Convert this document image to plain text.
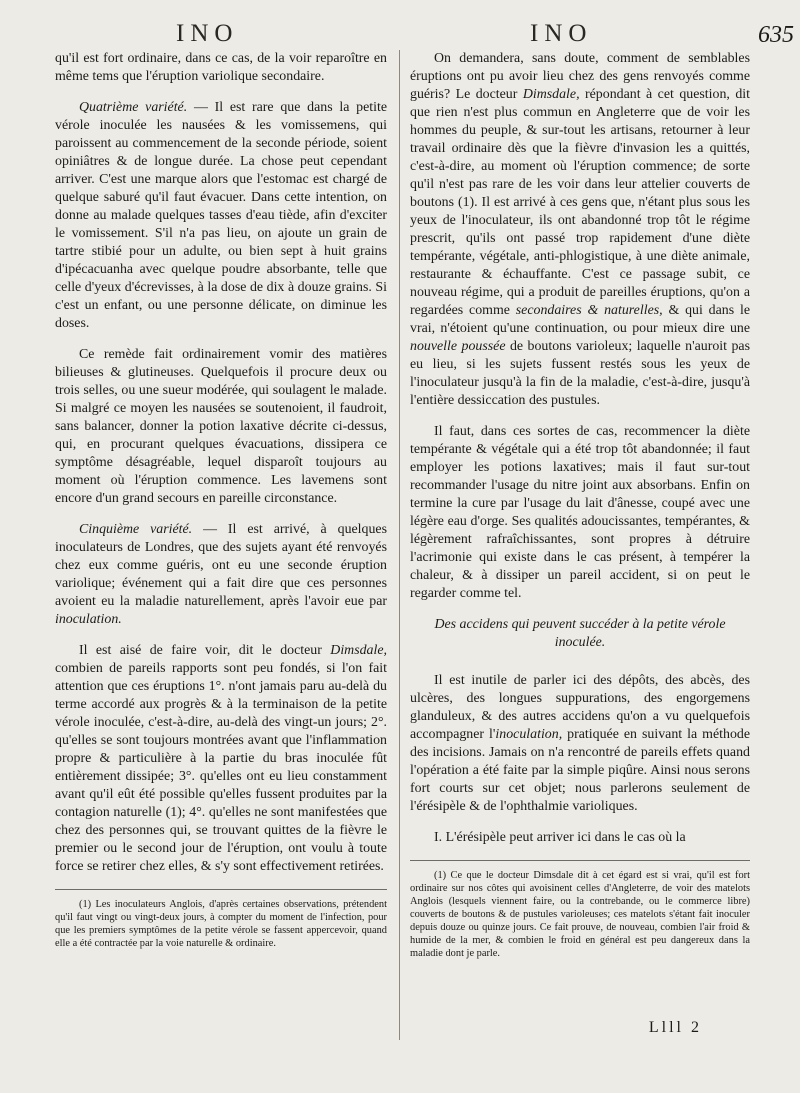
INO	INO	635

qu'il est fort ordinaire, dans ce cas, de la voir reparoître en même tems que l'éruption variolique secondaire.

Quatrième variété. — Il est rare que dans la petite vérole inoculée les nausées & les vomissemens, qui paroissent au commencement de la seconde période, soient opiniâtres & de longue durée. La chose peut cependant arriver. C'est une marque alors que l'estomac est chargé de quelque saburé qu'il faut évacuer. Dans cette intention, on donne au malade quelques tasses d'eau tiède, afin d'exciter le vomissement. S'il n'a pas lieu, on ajoute un grain de tartre stibié pour un adulte, ou bien sept à huit grains d'ipécacuanha avec quelque poudre absorbante, telle que celle d'yeux d'écrevisses, à la dose de dix à douze grains. Si c'est un enfant, ou une personne délicate, on diminue les doses.

Ce remède fait ordinairement vomir des matières bilieuses & glutineuses. Quelquefois il procure deux ou trois selles, ou une sueur modérée, qui soulagent le malade. Si malgré ce moyen les nausées se soutenoient, il faudroit, sans balancer, donner la potion laxative décrite ci-dessus, qui, en procurant quelques évacuations, dissipera ce symptôme désagréable, lequel disparoît toujours au moment où l'éruption commence. Les lavemens sont encore d'un grand secours en pareille circonstance.

Cinquième variété. — Il est arrivé, à quelques inoculateurs de Londres, que des sujets ayant été renvoyés chez eux comme guéris, ont eu une seconde éruption variolique; événement qui a fait dire que ces personnes avoient eu la maladie naturellement, après l'avoir eue par inoculation.

Il est aisé de faire voir, dit le docteur Dimsdale, combien de pareils rapports sont peu fondés, si l'on fait attention que ces éruptions 1°. n'ont jamais paru au-delà du terme accordé aux progrès & à la terminaison de la petite vérole inoculée, c'est-à-dire, au-delà des vingt-un jours; 2°. qu'elles se sont toujours montrées avant que l'inflammation propre & particulière à la partie du bras inoculée fût entièrement dissipée; 3°. qu'elles ont eu lieu constamment avant qu'il eût été possible qu'elles fussent produites par la contagion naturelle (1); 4°. qu'elles ne sont manifestées que chez des personnes qui, se trouvant quittes de la fièvre le premier ou le second jour de l'éruption, ont voulu à toute force se retirer chez elles, & s'y sont effectivement retirées.

(1) Les inoculateurs Anglois, d'après certaines observations, prétendent qu'il faut vingt ou vingt-deux jours, à compter du moment de l'infection, pour que les premiers symptômes de la petite vérole se fassent appercevoir, quand elle a été contractée par la voie naturelle & ordinaire.

On demandera, sans doute, comment de semblables éruptions ont pu avoir lieu chez des gens renvoyés comme guéris? Le docteur Dimsdale, répondant à cet question, dit que rien n'est plus commun en Angleterre que de voir les hommes du peuple, & sur-tout les artisans, retourner à leur travail ordinaire dès que la fièvre d'invasion les a quittés, c'est-à-dire, au moment où l'éruption commence; de sorte qu'il n'est pas rare de les voir dans leur attelier couverts de boutons (1). Il est arrivé à ces gens que, n'étant plus sous les yeux de l'inoculateur, ils ont abandonné trop tôt le régime prescrit, qu'ils ont passé trop rapidement d'une diète tempérante, végétale, anti-phlogistique, à une diète animale, restaurante & échauffante. C'est ce passage subit, ce nouveau régime, qui a produit de pareilles éruptions, qu'on a regardées comme secondaires & naturelles, & qui dans le vrai, n'étoient qu'une continuation, ou pour mieux dire une nouvelle poussée de boutons varioleux; laquelle n'auroit pas eu lieu, si les sujets fussent restés sous les yeux de l'inoculateur jusqu'à la fin de la maladie, c'est-à-dire, jusqu'à l'entière dessiccation des pustules.

Il faut, dans ces sortes de cas, recommencer la diète tempérante & végétale qui a été trop tôt abandonnée; il faut employer les potions laxatives; mais il faut sur-tout recommander l'usage du nitre joint aux absorbans. Enfin on termine la cure par l'usage du lait d'ânesse, coupé avec une légère eau d'orge. Ses qualités adoucissantes, tempérantes, & légèrement rafraîchissantes, sont propres à détruire l'acrimonie qui existe dans le cas présent, à tempérer la chaleur, & à dissiper un pareil accident, si on peut le regarder comme tel.

Des accidens qui peuvent succéder à la petite vérole inoculée.

Il est inutile de parler ici des dépôts, des abcès, des ulcères, des longues suppurations, des engorgemens glanduleux, & des autres accidens qu'on a vu quelquefois accompagner l'inoculation, pratiquée en suivant la méthode des incisions. Jamais on n'a rencontré de pareils effets quand l'opération a été faite par la simple piqûre. Ainsi nous serons fort courts sur cet objet; nous parlerons seulement de l'érésipèle & de l'ophthalmie varioliques.

I. L'érésipèle peut arriver ici dans le cas où la

(1) Ce que le docteur Dimsdale dit à cet égard est si vrai, qu'il est fort ordinaire sur nos côtes qui avoisinent celles d'Angleterre, de voir des matelots Anglois (lesquels viennent faire, ou la contrebande, ou le commerce libre) couverts de boutons & de pustules varioleuses; ces matelots s'étant fait inoculer depuis douze ou quinze jours. Ce fait prouve, de nouveau, combien l'air froid & humide de la mer, & combien le froid en général est peu dangereux dans la maladie dont je parle.

Llll 2
